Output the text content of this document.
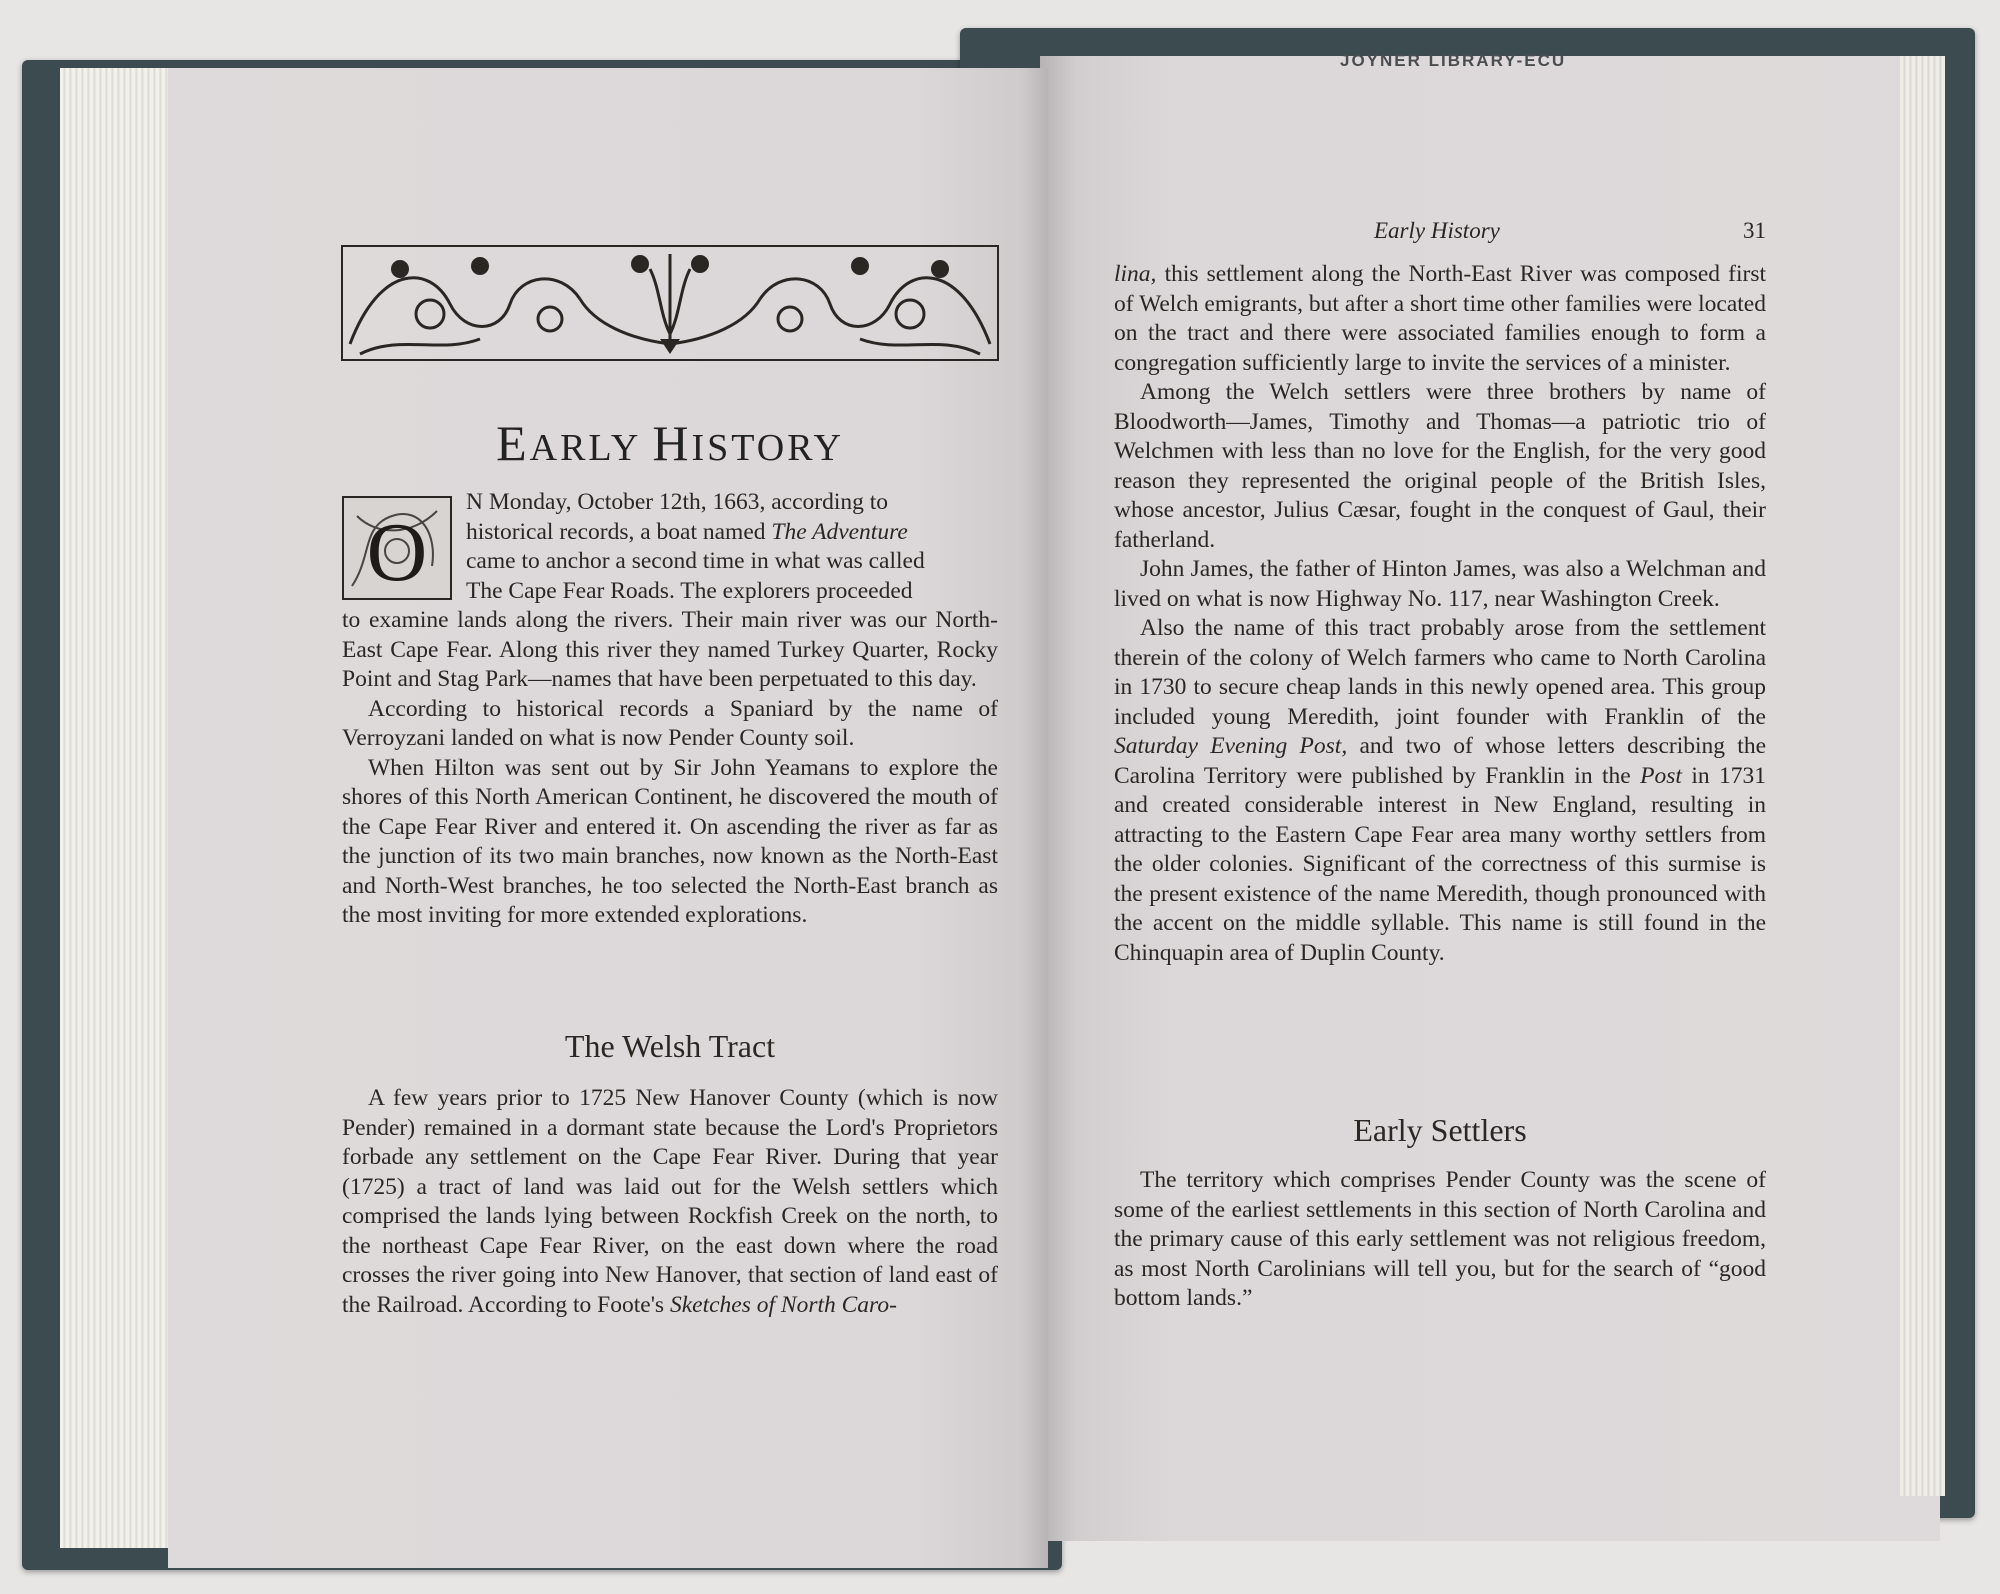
JOYNER LIBRARY-ECU
EARLY HISTORY
O

N Monday, October 12th, 1663, according to

historical records, a boat named The Adventure

came to anchor a second time in what was called

The Cape Fear Roads. The explorers proceeded

to examine lands along the rivers. Their main river was our North-East Cape Fear. Along this river they named Turkey Quarter, Rocky Point and Stag Park—names that have been perpetuated to this day.

According to historical records a Spaniard by the name of Verroyzani landed on what is now Pender County soil.

When Hilton was sent out by Sir John Yeamans to explore the shores of this North American Continent, he discovered the mouth of the Cape Fear River and entered it. On ascending the river as far as the junction of its two main branches, now known as the North-East and North-West branches, he too selected the North-East branch as the most inviting for more extended explorations.

The Welsh Tract

A few years prior to 1725 New Hanover County (which is now Pender) remained in a dormant state because the Lord's Proprietors forbade any settlement on the Cape Fear River. During that year (1725) a tract of land was laid out for the Welsh settlers which comprised the lands lying between Rockfish Creek on the north, to the northeast Cape Fear River, on the east down where the road crosses the river going into New Hanover, that section of land east of the Railroad. According to Foote's Sketches of North Caro-

Early History	31

lina, this settlement along the North-East River was composed first of Welch emigrants, but after a short time other families were located on the tract and there were associated families enough to form a congregation sufficiently large to invite the services of a minister.

Among the Welch settlers were three brothers by name of Bloodworth—James, Timothy and Thomas—a patriotic trio of Welchmen with less than no love for the English, for the very good reason they represented the original people of the British Isles, whose ancestor, Julius Cæsar, fought in the conquest of Gaul, their fatherland.

John James, the father of Hinton James, was also a Welchman and lived on what is now Highway No. 117, near Washington Creek.

Also the name of this tract probably arose from the settlement therein of the colony of Welch farmers who came to North Carolina in 1730 to secure cheap lands in this newly opened area. This group included young Meredith, joint founder with Franklin of the Saturday Evening Post, and two of whose letters describing the Carolina Territory were published by Franklin in the Post in 1731 and created considerable interest in New England, resulting in attracting to the Eastern Cape Fear area many worthy settlers from the older colonies. Significant of the correctness of this surmise is the present existence of the name Meredith, though pronounced with the accent on the middle syllable. This name is still found in the Chinquapin area of Duplin County.

Early Settlers

The territory which comprises Pender County was the scene of some of the earliest settlements in this section of North Carolina and the primary cause of this early settlement was not religious freedom, as most North Carolinians will tell you, but for the search of “good bottom lands.”
